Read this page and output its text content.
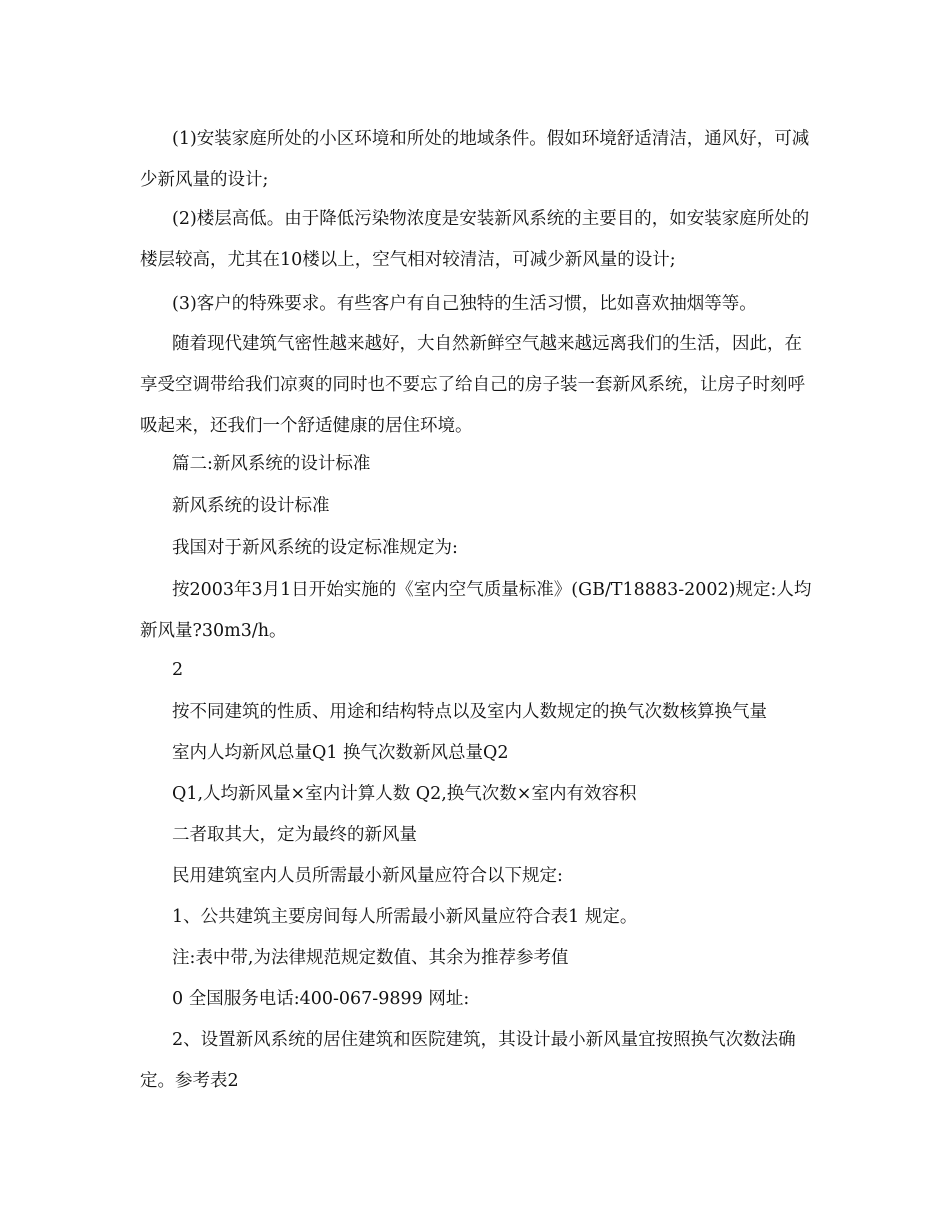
(1)安装家庭所处的小区环境和所处的地域条件。假如环境舒适清洁，通风好，可减少新风量的设计;

(2)楼层高低。由于降低污染物浓度是安装新风系统的主要目的，如安装家庭所处的楼层较高，尤其在10楼以上，空气相对较清洁，可减少新风量的设计;

(3)客户的特殊要求。有些客户有自己独特的生活习惯，比如喜欢抽烟等等。

随着现代建筑气密性越来越好，大自然新鲜空气越来越远离我们的生活，因此，在享受空调带给我们凉爽的同时也不要忘了给自己的房子装一套新风系统，让房子时刻呼吸起来，还我们一个舒适健康的居住环境。

篇二:新风系统的设计标准

新风系统的设计标准

我国对于新风系统的设定标准规定为:

按2003年3月1日开始实施的《室内空气质量标准》(GB/T18883-2002)规定:人均新风量?30m3/h。

2

按不同建筑的性质、用途和结构特点以及室内人数规定的换气次数核算换气量

室内人均新风总量Q1 换气次数新风总量Q2

Q1,人均新风量×室内计算人数 Q2,换气次数×室内有效容积

二者取其大，定为最终的新风量

民用建筑室内人员所需最小新风量应符合以下规定:

1、公共建筑主要房间每人所需最小新风量应符合表1 规定。

注:表中带,为法律规范规定数值、其余为推荐参考值

0 全国服务电话:400-067-9899 网址:

2、设置新风系统的居住建筑和医院建筑，其设计最小新风量宜按照换气次数法确定。参考表2
